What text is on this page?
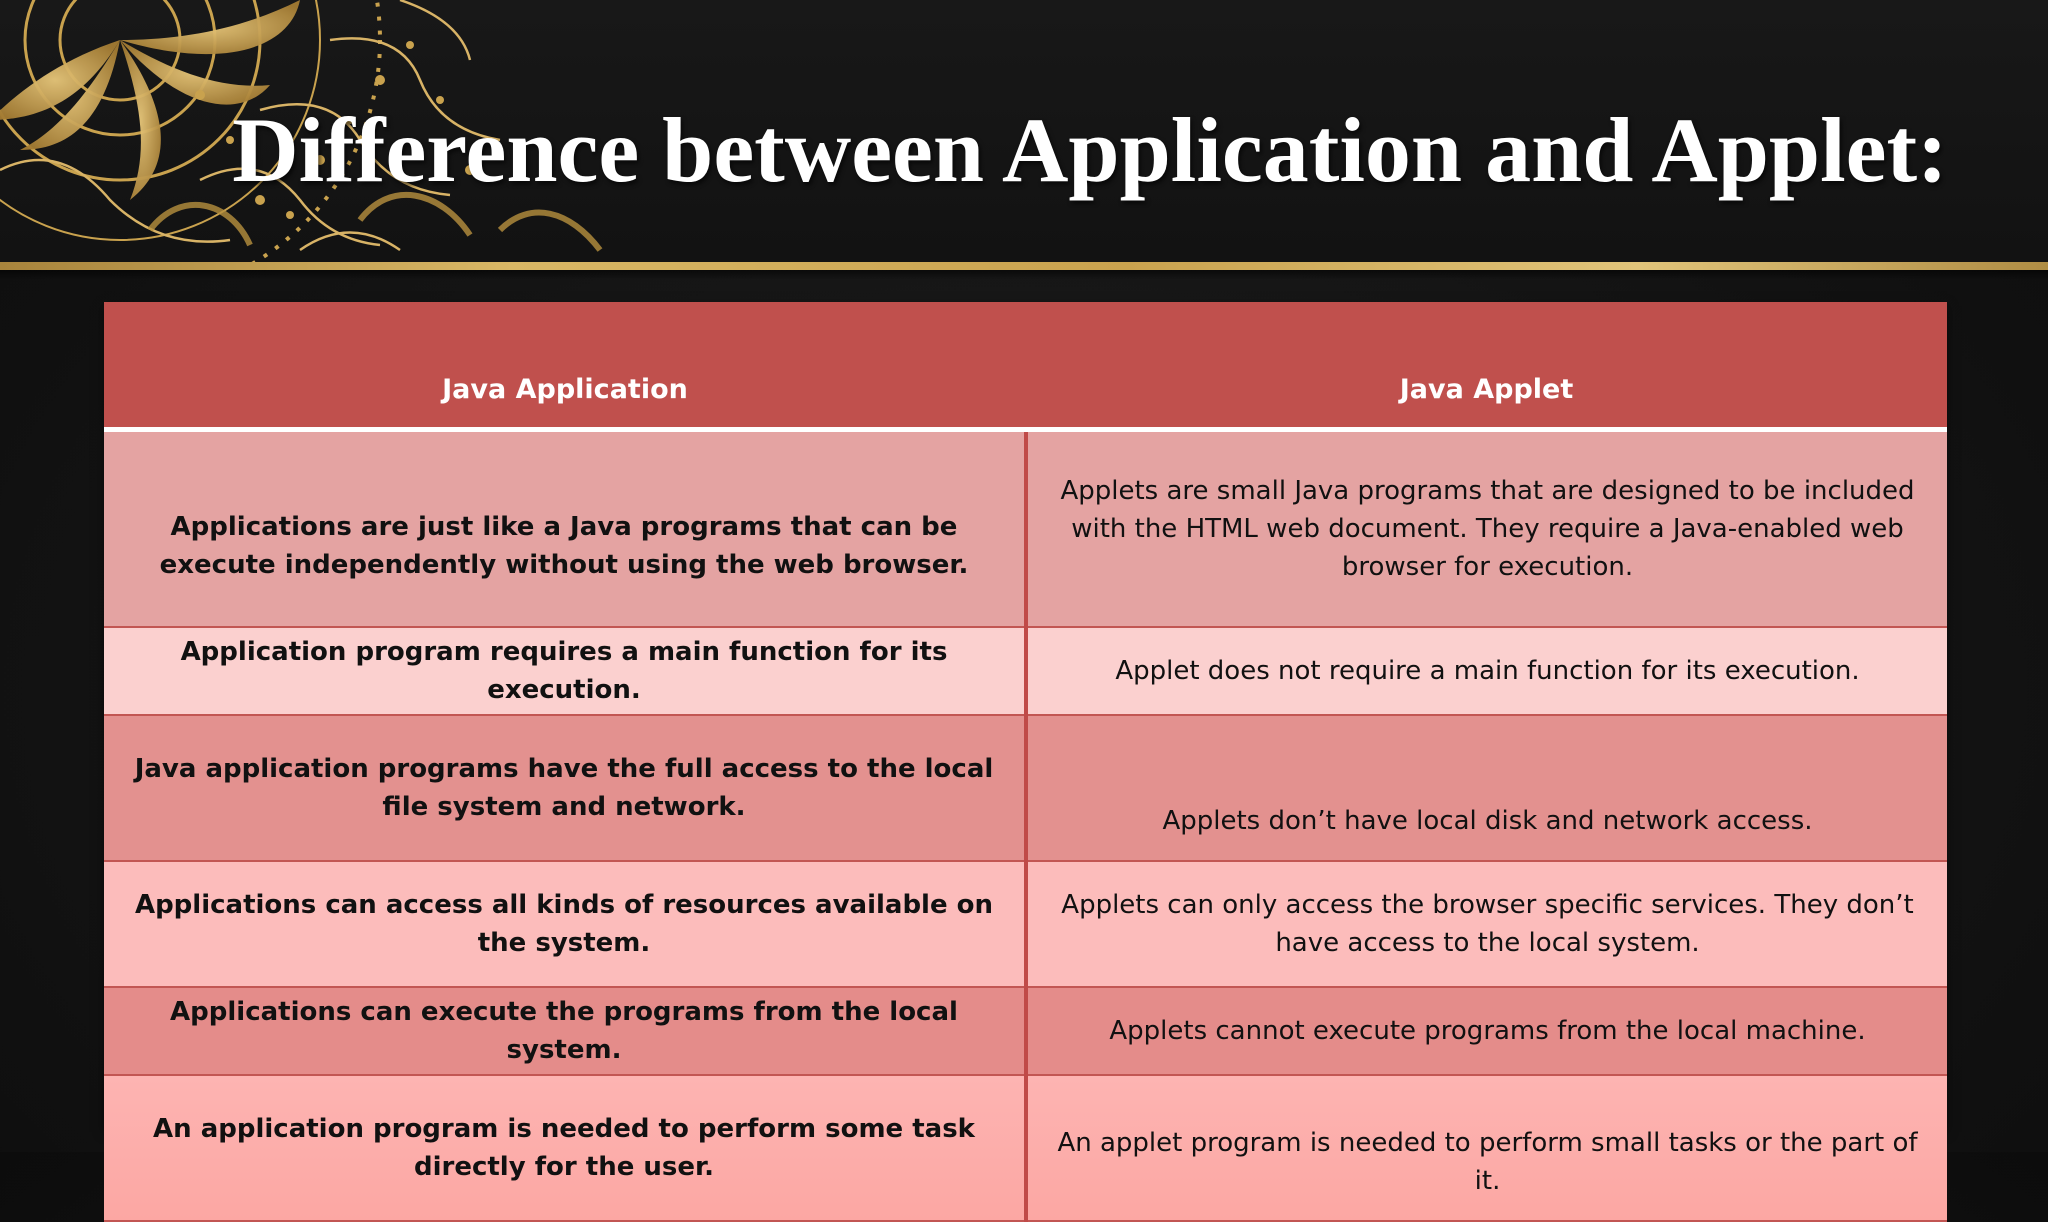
Difference between Application and Applet:
Java Application	Java Applet
Applications are just like a Java programs that can be execute independently without using the web browser.	Applets are small Java programs that are designed to be included with the HTML web document. They require a Java-enabled web browser for execution.
Application program requires a main function for its execution.	Applet does not require a main function for its execution.
Java application programs have the full access to the local file system and network.	Applets don’t have local disk and network access.
Applications can access all kinds of resources available on the system.	Applets can only access the browser specific services. They don’t have access to the local system.
Applications can execute the programs from the local system.	Applets cannot execute programs from the local machine.
An application program is needed to perform some task directly for the user.	An applet program is needed to perform small tasks or the part of it.
